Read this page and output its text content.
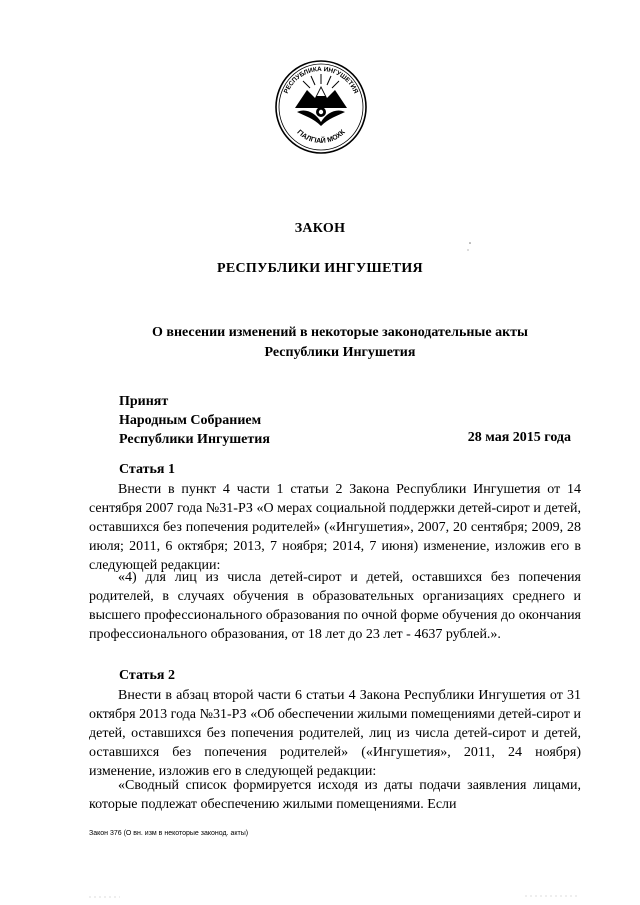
РЕСПУБЛИКА ИНГУШЕТИЯ
ГIАЛГIАЙ МОХК
ЗАКОН
РЕСПУБЛИКИ ИНГУШЕТИЯ
О внесении изменений в некоторые законодательные акты
Республики Ингушетия
Принят
Народным Собранием
Республики Ингушетия	28 мая 2015 года
Статья 1

Внести в пункт 4 части 1 статьи 2 Закона Республики Ингушетия от 14 сентября 2007 года №31-РЗ «О мерах социальной поддержки детей-сирот и детей, оставшихся без попечения родителей» («Ингушетия», 2007, 20 сентября; 2009, 28 июля; 2011, 6 октября; 2013, 7 ноября; 2014, 7 июня) изменение, изложив его в следующей редакции:

«4) для лиц из числа детей-сирот и детей, оставшихся без попечения родителей, в случаях обучения в образовательных организациях среднего и высшего профессионального образования по очной форме обучения до окончания профессионального образования, от 18 лет до 23 лет - 4637 рублей.».

Статья 2

Внести в абзац второй части 6 статьи 4 Закона Республики Ингушетия от 31 октября 2013 года №31-РЗ «Об обеспечении жилыми помещениями детей-сирот и детей, оставшихся без попечения родителей, лиц из числа детей-сирот и детей, оставшихся без попечения родителей» («Ингушетия», 2011, 24 ноября) изменение, изложив его в следующей редакции:

«Сводный список формируется исходя из даты подачи заявления лицами, которые подлежат обеспечению жилыми помещениями. Если

Закон 376 (О вн. изм в некоторые законод. акты)
